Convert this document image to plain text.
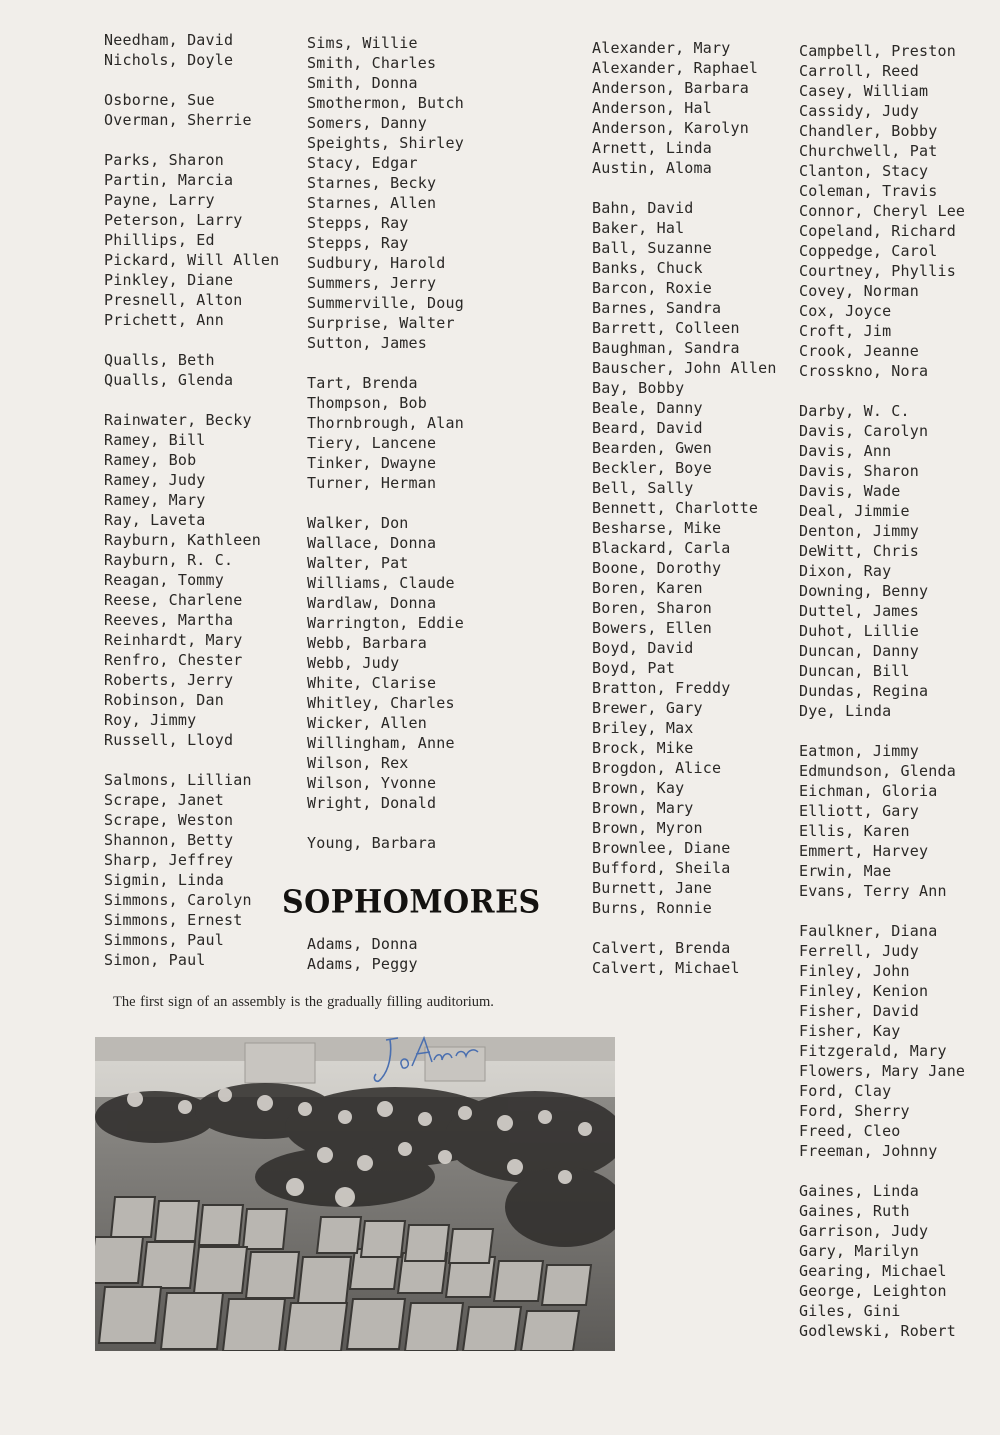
Needham, David
Nichols, Doyle
Osborne, Sue
Overman, Sherrie
Parks, Sharon
Partin, Marcia
Payne, Larry
Peterson, Larry
Phillips, Ed
Pickard, Will Allen
Pinkley, Diane
Presnell, Alton
Prichett, Ann
Qualls, Beth
Qualls, Glenda
Rainwater, Becky
Ramey, Bill
Ramey, Bob
Ramey, Judy
Ramey, Mary
Ray, Laveta
Rayburn, Kathleen
Rayburn, R. C.
Reagan, Tommy
Reese, Charlene
Reeves, Martha
Reinhardt, Mary
Renfro, Chester
Roberts, Jerry
Robinson, Dan
Roy, Jimmy
Russell, Lloyd
Salmons, Lillian
Scrape, Janet
Scrape, Weston
Shannon, Betty
Sharp, Jeffrey
Sigmin, Linda
Simmons, Carolyn
Simmons, Ernest
Simmons, Paul
Simon, Paul
Sims, Willie
Smith, Charles
Smith, Donna
Smothermon, Butch
Somers, Danny
Speights, Shirley
Stacy, Edgar
Starnes, Becky
Starnes, Allen
Stepps, Ray
Stepps, Ray
Sudbury, Harold
Summers, Jerry
Summerville, Doug
Surprise, Walter
Sutton, James
Tart, Brenda
Thompson, Bob
Thornbrough, Alan
Tiery, Lancene
Tinker, Dwayne
Turner, Herman
Walker, Don
Wallace, Donna
Walter, Pat
Williams, Claude
Wardlaw, Donna
Warrington, Eddie
Webb, Barbara
Webb, Judy
White, Clarise
Whitley, Charles
Wicker, Allen
Willingham, Anne
Wilson, Rex
Wilson, Yvonne
Wright, Donald
Young, Barbara
Alexander, Mary
Alexander, Raphael
Anderson, Barbara
Anderson, Hal
Anderson, Karolyn
Arnett, Linda
Austin, Aloma
Bahn, David
Baker, Hal
Ball, Suzanne
Banks, Chuck
Barcon, Roxie
Barnes, Sandra
Barrett, Colleen
Baughman, Sandra
Bauscher, John Allen
Bay, Bobby
Beale, Danny
Beard, David
Bearden, Gwen
Beckler, Boye
Bell, Sally
Bennett, Charlotte
Besharse, Mike
Blackard, Carla
Boone, Dorothy
Boren, Karen
Boren, Sharon
Bowers, Ellen
Boyd, David
Boyd, Pat
Bratton, Freddy
Brewer, Gary
Briley, Max
Brock, Mike
Brogdon, Alice
Brown, Kay
Brown, Mary
Brown, Myron
Brownlee, Diane
Bufford, Sheila
Burnett, Jane
Burns, Ronnie
Calvert, Brenda
Calvert, Michael
Campbell, Preston
Carroll, Reed
Casey, William
Cassidy, Judy
Chandler, Bobby
Churchwell, Pat
Clanton, Stacy
Coleman, Travis
Connor, Cheryl Lee
Copeland, Richard
Coppedge, Carol
Courtney, Phyllis
Covey, Norman
Cox, Joyce
Croft, Jim
Crook, Jeanne
Crosskno, Nora
Darby, W. C.
Davis, Carolyn
Davis, Ann
Davis, Sharon
Davis, Wade
Deal, Jimmie
Denton, Jimmy
DeWitt, Chris
Dixon, Ray
Downing, Benny
Duttel, James
Duhot, Lillie
Duncan, Danny
Duncan, Bill
Dundas, Regina
Dye, Linda
Eatmon, Jimmy
Edmundson, Glenda
Eichman, Gloria
Elliott, Gary
Ellis, Karen
Emmert, Harvey
Erwin, Mae
Evans, Terry Ann
Faulkner, Diana
Ferrell, Judy
Finley, John
Finley, Kenion
Fisher, David
Fisher, Kay
Fitzgerald, Mary
Flowers, Mary Jane
Ford, Clay
Ford, Sherry
Freed, Cleo
Freeman, Johnny
Gaines, Linda
Gaines, Ruth
Garrison, Judy
Gary, Marilyn
Gearing, Michael
George, Leighton
Giles, Gini
Godlewski, Robert
SOPHOMORES
Adams, Donna
Adams, Peggy
The first sign of an assembly is the gradually filling auditorium.
